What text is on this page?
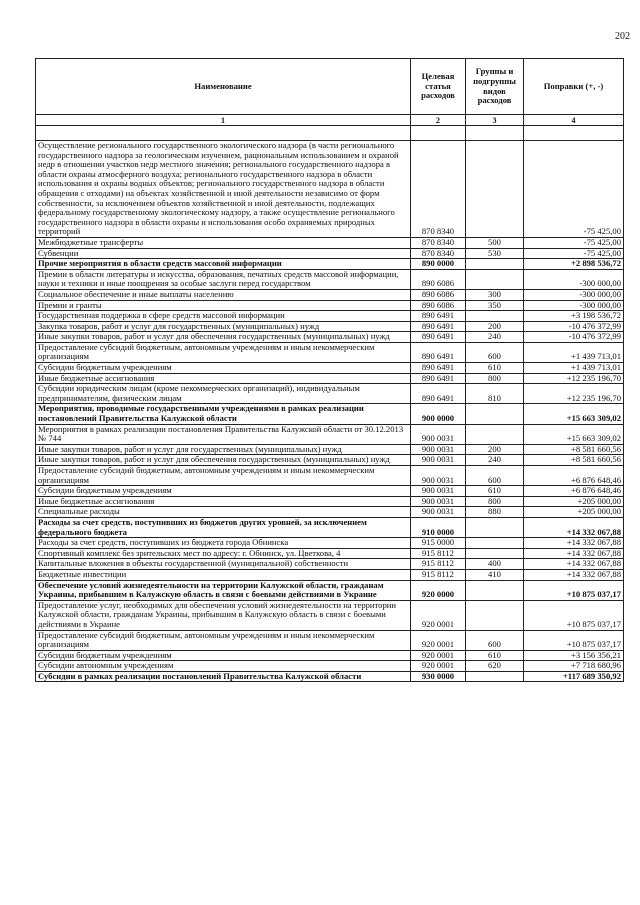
202
Наименование	Целевая статья расходов	Группы и подгруппы видов расходов	Поправки (+, -)
1	2	3	4

Осуществление регионального государственного экологического надзора (в части регионального государственного надзора за геологическим изучением, рациональным использованием и охраной недр в отношении участков недр местного значения; регионального государственного надзора в области охраны атмосферного воздуха; регионального государственного надзора в области использования и охраны водных объектов; регионального государственного надзора в области обращения с отходами) на объектах хозяйственной и иной деятельности независимо от форм собственности, за исключением объектов хозяйственной и иной деятельности, подлежащих федеральному государственному экологическому надзору, а также осуществление регионального государственного надзора в области охраны и использования особо охраняемых природных территорий	870 8340		-75 425,00
Межбюджетные трансферты	870 8340	500	-75 425,00
Субвенции	870 8340	530	-75 425,00
Прочие мероприятия в области средств массовой информации	890 0000		+2 898 536,72
Премии в области литературы и искусства, образования, печатных средств массовой информации, науки и техники и иные поощрения за особые заслуги перед государством	890 6086		-300 000,00
Социальное обеспечение и иные выплаты населению	890 6086	300	-300 000,00
Премии и гранты	890 6086	350	-300 000,00
Государственная поддержка в сфере средств массовой информации	890 6491		+3 198 536,72
Закупка товаров, работ и услуг для государственных (муниципальных) нужд	890 6491	200	-10 476 372,99
Иные закупки товаров, работ и услуг для обеспечения государственных (муниципальных) нужд	890 6491	240	-10 476 372,99
Предоставление субсидий бюджетным, автономным учреждениям и иным некоммерческим организациям	890 6491	600	+1 439 713,01
Субсидии бюджетным учреждениям	890 6491	610	+1 439 713,01
Иные бюджетные ассигнования	890 6491	800	+12 235 196,70
Субсидии юридическим лицам (кроме некоммерческих организаций), индивидуальным предпринимателям, физическим лицам	890 6491	810	+12 235 196,70
Мероприятия, проводимые государственными учреждениями в рамках реализации постановлений Правительства Калужской области	900 0000		+15 663 309,02
Мероприятия в рамках реализации постановления Правительства Калужской области от 30.12.2013 № 744	900 0031		+15 663 309,02
Иные закупки товаров, работ и услуг для государственных (муниципальных) нужд	900 0031	200	+8 581 660,56
Иные закупки товаров, работ и услуг для обеспечения государственных (муниципальных) нужд	900 0031	240	+8 581 660,56
Предоставление субсидий бюджетным, автономным учреждениям и иным некоммерческим организациям	900 0031	600	+6 876 648,46
Субсидии бюджетным учреждениям	900 0031	610	+6 876 648,46
Иные бюджетные ассигнования	900 0031	800	+205 000,00
Специальные расходы	900 0031	880	+205 000,00
Расходы за счет средств, поступивших из бюджетов других уровней, за исключением федерального бюджета	910 0000		+14 332 067,88
Расходы за счет средств, поступивших из бюджета города Обнинска	915 0000		+14 332 067,88
Спортивный комплекс без зрительских мест по адресу: г. Обнинск, ул. Цветкова, 4	915 8112		+14 332 067,88
Капитальные вложения в объекты государственной (муниципальной) собственности	915 8112	400	+14 332 067,88
Бюджетные инвестиции	915 8112	410	+14 332 067,88
Обеспечение условий жизнедеятельности на территории Калужской области, гражданам Украины, прибывшим в Калужскую область в связи с боевыми действиями в Украине	920 0000		+10 875 037,17
Предоставление услуг, необходимых для обеспечения условий жизнедеятельности на территории Калужской области, гражданам Украины, прибывшим в Калужскую область в связи с боевыми действиями в Украине	920 0001		+10 875 037,17
Предоставление субсидий бюджетным, автономным учреждениям и иным некоммерческим организациям	920 0001	600	+10 875 037,17
Субсидии бюджетным учреждениям	920 0001	610	+3 156 356,21
Субсидии автономным учреждениям	920 0001	620	+7 718 680,96
Субсидии в рамках реализации постановлений Правительства Калужской области	930 0000		+117 689 350,92
